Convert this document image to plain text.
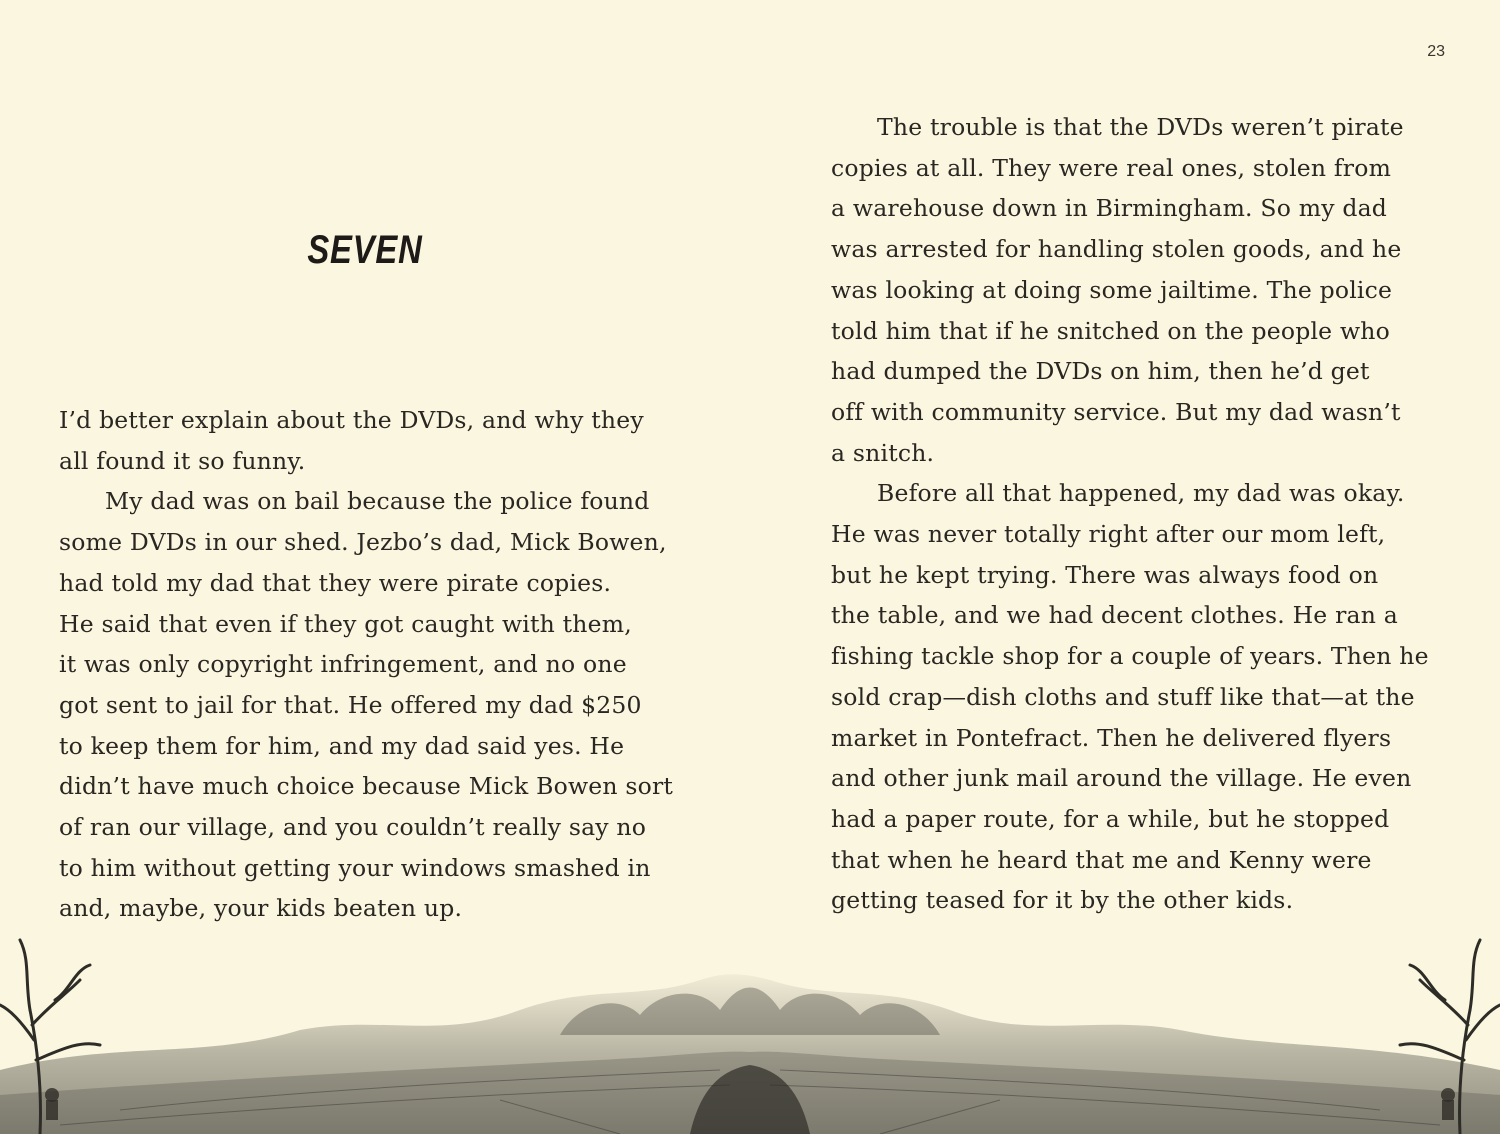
23
SEVEN
I’d better explain about the DVDs, and why they
all found it so funny.
My dad was on bail because the police found
some DVDs in our shed. Jezbo’s dad, Mick Bowen,
had told my dad that they were pirate copies.
He said that even if they got caught with them,
it was only copyright infringement, and no one
got sent to jail for that. He offered my dad $250
to keep them for him, and my dad said yes. He
didn’t have much choice because Mick Bowen sort
of ran our village, and you couldn’t really say no
to him without getting your windows smashed in
and, maybe, your kids beaten up.
The trouble is that the DVDs weren’t pirate
copies at all. They were real ones, stolen from
a warehouse down in Birmingham. So my dad
was arrested for handling stolen goods, and he
was looking at doing some jailtime. The police
told him that if he snitched on the people who
had dumped the DVDs on him, then he’d get
off with community service. But my dad wasn’t
a snitch.
Before all that happened, my dad was okay.
He was never totally right after our mom left,
but he kept trying. There was always food on
the table, and we had decent clothes. He ran a
fishing tackle shop for a couple of years. Then he
sold crap—dish cloths and stuff like that—at the
market in Pontefract. Then he delivered flyers
and other junk mail around the village. He even
had a paper route, for a while, but he stopped
that when he heard that me and Kenny were
getting teased for it by the other kids.
